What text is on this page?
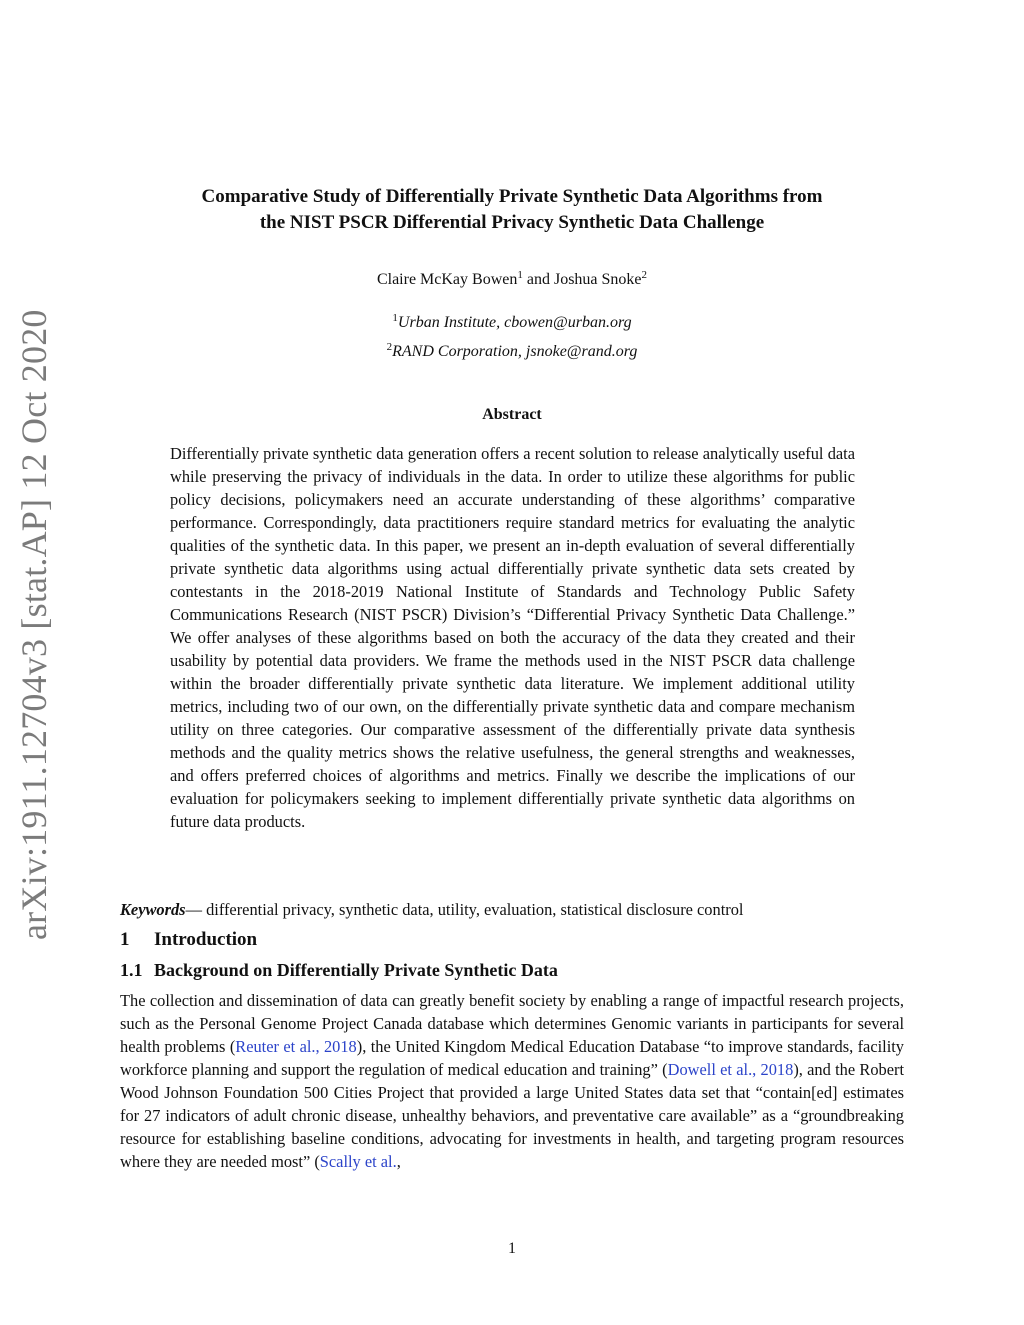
arXiv:1911.12704v3 [stat.AP] 12 Oct 2020
Comparative Study of Differentially Private Synthetic Data Algorithms from
the NIST PSCR Differential Privacy Synthetic Data Challenge
Claire McKay Bowen$^1$ and Joshua Snoke$^2$
$^1$Urban Institute, cbowen@urban.org
$^2$RAND Corporation, jsnoke@rand.org
Abstract
Differentially private synthetic data generation offers a recent solution to release analytically useful data while preserving the privacy of individuals in the data. In order to utilize these algorithms for public policy decisions, policymakers need an accurate understanding of these algorithms’ comparative performance. Correspondingly, data practitioners require standard metrics for evaluating the analytic qualities of the synthetic data. In this paper, we present an in-depth evaluation of several differentially private synthetic data algorithms using actual differentially private synthetic data sets created by contestants in the 2018-2019 National Institute of Standards and Technology Public Safety Communications Research (NIST PSCR) Division’s “Differential Privacy Synthetic Data Challenge.” We offer analyses of these algorithms based on both the accuracy of the data they created and their usability by potential data providers. We frame the methods used in the NIST PSCR data challenge within the broader differentially private synthetic data literature. We implement additional utility metrics, including two of our own, on the differentially private synthetic data and compare mechanism utility on three categories. Our comparative assessment of the differentially private data synthesis methods and the quality metrics shows the relative usefulness, the general strengths and weaknesses, and offers preferred choices of algorithms and metrics. Finally we describe the implications of our evaluation for policymakers seeking to implement differentially private synthetic data algorithms on future data products.
Keywords— differential privacy, synthetic data, utility, evaluation, statistical disclosure control
1 Introduction
1.1 Background on Differentially Private Synthetic Data
The collection and dissemination of data can greatly benefit society by enabling a range of impactful research projects, such as the Personal Genome Project Canada database which determines Genomic variants in participants for several health problems (Reuter et al., 2018), the United Kingdom Medical Education Database “to improve standards, facility workforce planning and support the regulation of medical education and training” (Dowell et al., 2018), and the Robert Wood Johnson Foundation 500 Cities Project that provided a large United States data set that “contain[ed] estimates for 27 indicators of adult chronic disease, unhealthy behaviors, and preventative care available” as a “groundbreaking resource for establishing baseline conditions, advocating for investments in health, and targeting program resources where they are needed most” (Scally et al.,
1
